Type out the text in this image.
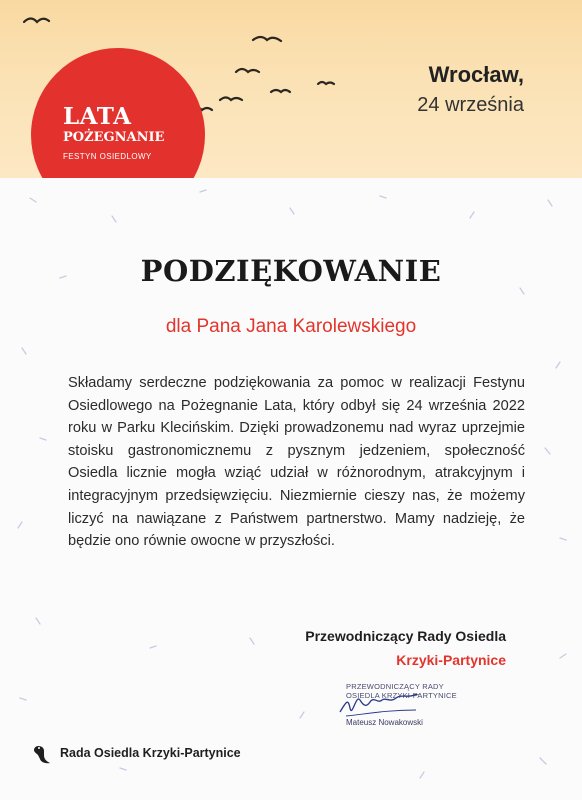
LATA
POŻEGNANIE
FESTYN OSIEDLOWY
Wrocław,
24 września
PODZIĘKOWANIE
dla Pana Jana Karolewskiego
Składamy serdeczne podziękowania za pomoc w realizacji Festynu Osiedlowego na Pożegnanie Lata, który odbył się 24 września 2022 roku w Parku Klecińskim. Dzięki prowadzonemu nad wyraz uprzejmie stoisku gastronomicznemu z pysznym jedzeniem, społeczność Osiedla licznie mogła wziąć udział w różnorodnym, atrakcyjnym i integracyjnym przedsięwzięciu. Niezmiernie cieszy nas, że możemy liczyć na nawiązane z Państwem partnerstwo. Mamy nadzieję, że będzie ono równie owocne w przyszłości.
Przewodniczący Rady Osiedla
Krzyki-Partynice
PRZEWODNICZĄCY RADY
OSIEDLA KRZYKI-PARTYNICE
Mateusz Nowakowski
Rada Osiedla Krzyki-Partynice
